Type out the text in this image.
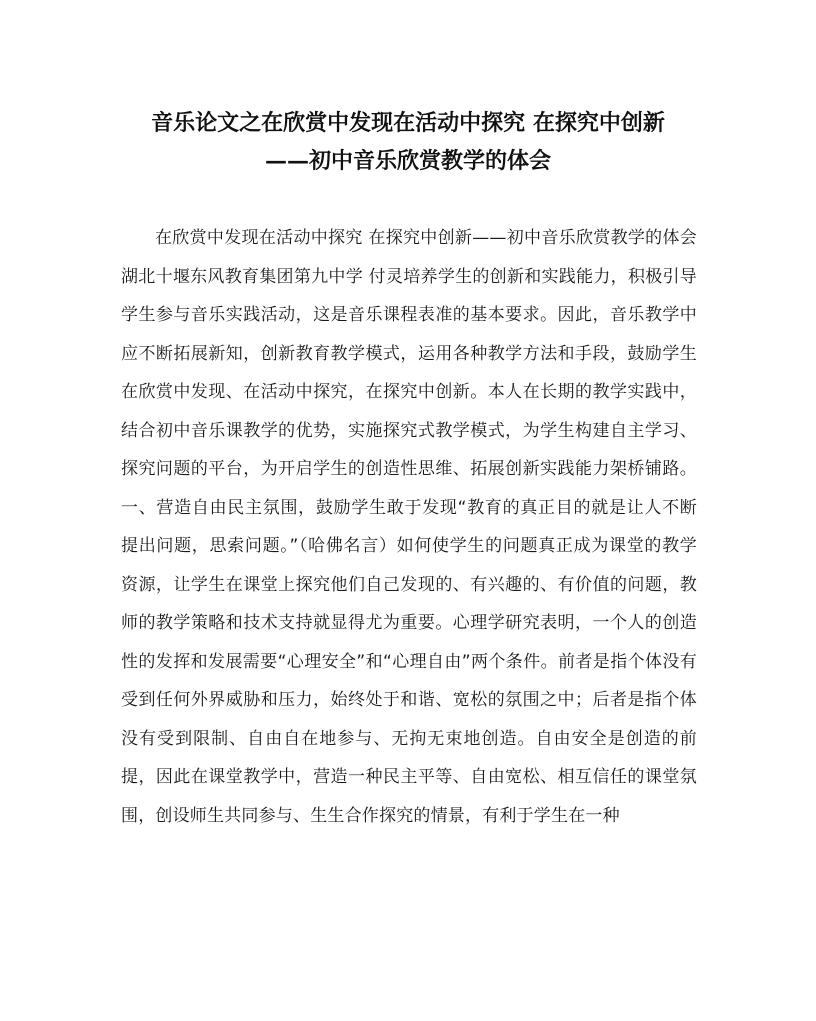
音乐论文之在欣赏中发现在活动中探究 在探究中创新
——初中音乐欣赏教学的体会

在欣赏中发现在活动中探究 在探究中创新——初中音乐欣赏教学的体会湖北十堰东风教育集团第九中学 付灵培养学生的创新和实践能力，积极引导学生参与音乐实践活动，这是音乐课程表准的基本要求。因此，音乐教学中应不断拓展新知，创新教育教学模式，运用各种教学方法和手段，鼓励学生在欣赏中发现、在活动中探究，在探究中创新。本人在长期的教学实践中，结合初中音乐课教学的优势，实施探究式教学模式，为学生构建自主学习、探究问题的平台，为开启学生的创造性思维、拓展创新实践能力架桥铺路。一、营造自由民主氛围，鼓励学生敢于发现“教育的真正目的就是让人不断提出问题，思索问题。”（哈佛名言）如何使学生的问题真正成为课堂的教学资源，让学生在课堂上探究他们自己发现的、有兴趣的、有价值的问题，教师的教学策略和技术支持就显得尤为重要。心理学研究表明，一个人的创造性的发挥和发展需要“心理安全”和“心理自由”两个条件。前者是指个体没有受到任何外界威胁和压力，始终处于和谐、宽松的氛围之中；后者是指个体没有受到限制、自由自在地参与、无拘无束地创造。自由安全是创造的前提，因此在课堂教学中，营造一种民主平等、自由宽松、相互信任的课堂氛围，创设师生共同参与、生生合作探究的情景，有利于学生在一种
